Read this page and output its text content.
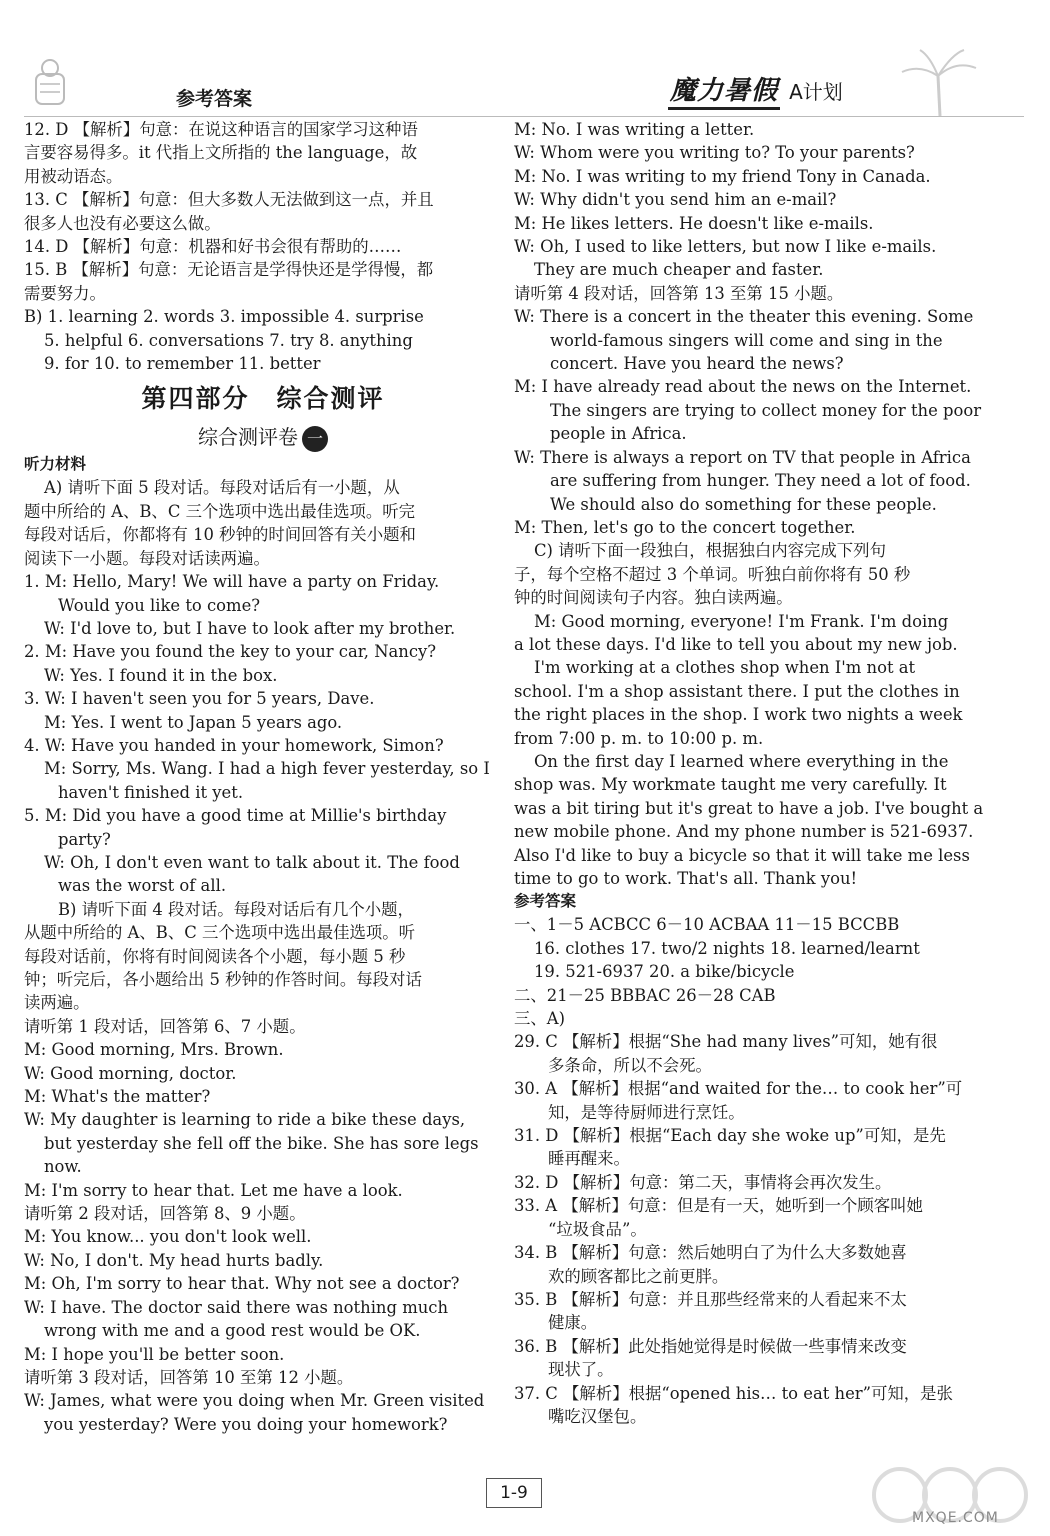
参考答案	魔力暑假 A计划
12. D 【解析】句意：在说这种语言的国家学习这种语
言要容易得多。it 代指上文所指的 the language，故
用被动语态。
13. C 【解析】句意：但大多数人无法做到这一点，并且
很多人也没有必要这么做。
14. D 【解析】句意：机器和好书会很有帮助的……
15. B 【解析】句意：无论语言是学得快还是学得慢，都
需要努力。
B) 1. learning 2. words 3. impossible 4. surprise
5. helpful 6. conversations 7. try 8. anything
9. for 10. to remember 11. better
第四部分　综合测评
综合测评卷 一
听力材料
A) 请听下面 5 段对话。每段对话后有一小题，从
题中所给的 A、B、C 三个选项中选出最佳选项。听完
每段对话后，你都将有 10 秒钟的时间回答有关小题和
阅读下一小题。每段对话读两遍。
1. M: Hello, Mary! We will have a party on Friday.
Would you like to come?
W: I'd love to, but I have to look after my brother.
2. M: Have you found the key to your car, Nancy?
W: Yes. I found it in the box.
3. W: I haven't seen you for 5 years, Dave.
M: Yes. I went to Japan 5 years ago.
4. W: Have you handed in your homework, Simon?
M: Sorry, Ms. Wang. I had a high fever yesterday, so I
haven't finished it yet.
5. M: Did you have a good time at Millie's birthday
party?
W: Oh, I don't even want to talk about it. The food
was the worst of all.
B) 请听下面 4 段对话。每段对话后有几个小题，
从题中所给的 A、B、C 三个选项中选出最佳选项。听
每段对话前，你将有时间阅读各个小题，每小题 5 秒
钟；听完后，各小题给出 5 秒钟的作答时间。每段对话
读两遍。
请听第 1 段对话，回答第 6、7 小题。
M: Good morning, Mrs. Brown.
W: Good morning, doctor.
M: What's the matter?
W: My daughter is learning to ride a bike these days,
but yesterday she fell off the bike. She has sore legs
now.
M: I'm sorry to hear that. Let me have a look.
请听第 2 段对话，回答第 8、9 小题。
M: You know... you don't look well.
W: No, I don't. My head hurts badly.
M: Oh, I'm sorry to hear that. Why not see a doctor?
W: I have. The doctor said there was nothing much
wrong with me and a good rest would be OK.
M: I hope you'll be better soon.
请听第 3 段对话，回答第 10 至第 12 小题。
W: James, what were you doing when Mr. Green visited
you yesterday? Were you doing your homework?
M: No. I was writing a letter.
W: Whom were you writing to? To your parents?
M: No. I was writing to my friend Tony in Canada.
W: Why didn't you send him an e-mail?
M: He likes letters. He doesn't like e-mails.
W: Oh, I used to like letters, but now I like e-mails.
They are much cheaper and faster.
请听第 4 段对话，回答第 13 至第 15 小题。
W: There is a concert in the theater this evening. Some
world-famous singers will come and sing in the
concert. Have you heard the news?
M: I have already read about the news on the Internet.
The singers are trying to collect money for the poor
people in Africa.
W: There is always a report on TV that people in Africa
are suffering from hunger. They need a lot of food.
We should also do something for these people.
M: Then, let's go to the concert together.
C) 请听下面一段独白，根据独白内容完成下列句
子，每个空格不超过 3 个单词。听独白前你将有 50 秒
钟的时间阅读句子内容。独白读两遍。
M: Good morning, everyone! I'm Frank. I'm doing
a lot these days. I'd like to tell you about my new job.
I'm working at a clothes shop when I'm not at
school. I'm a shop assistant there. I put the clothes in
the right places in the shop. I work two nights a week
from 7:00 p. m. to 10:00 p. m.
On the first day I learned where everything in the
shop was. My workmate taught me very carefully. It
was a bit tiring but it's great to have a job. I've bought a
new mobile phone. And my phone number is 521-6937.
Also I'd like to buy a bicycle so that it will take me less
time to go to work. That's all. Thank you!
参考答案
一、1－5 ACBCC 6－10 ACBAA 11－15 BCCBB
16. clothes 17. two/2 nights 18. learned/learnt
19. 521-6937 20. a bike/bicycle
二、21－25 BBBAC 26－28 CAB
三、A)
29. C 【解析】根据“She had many lives”可知，她有很
多条命，所以不会死。
30. A 【解析】根据“and waited for the… to cook her”可
知，是等待厨师进行烹饪。
31. D 【解析】根据“Each day she woke up”可知，是先
睡再醒来。
32. D 【解析】句意：第二天，事情将会再次发生。
33. A 【解析】句意：但是有一天，她听到一个顾客叫她
“垃圾食品”。
34. B 【解析】句意：然后她明白了为什么大多数她喜
欢的顾客都比之前更胖。
35. B 【解析】句意：并且那些经常来的人看起来不太
健康。
36. B 【解析】此处指她觉得是时候做一些事情来改变
现状了。
37. C 【解析】根据“opened his… to eat her”可知，是张
嘴吃汉堡包。
1-9
MXQE.COM
